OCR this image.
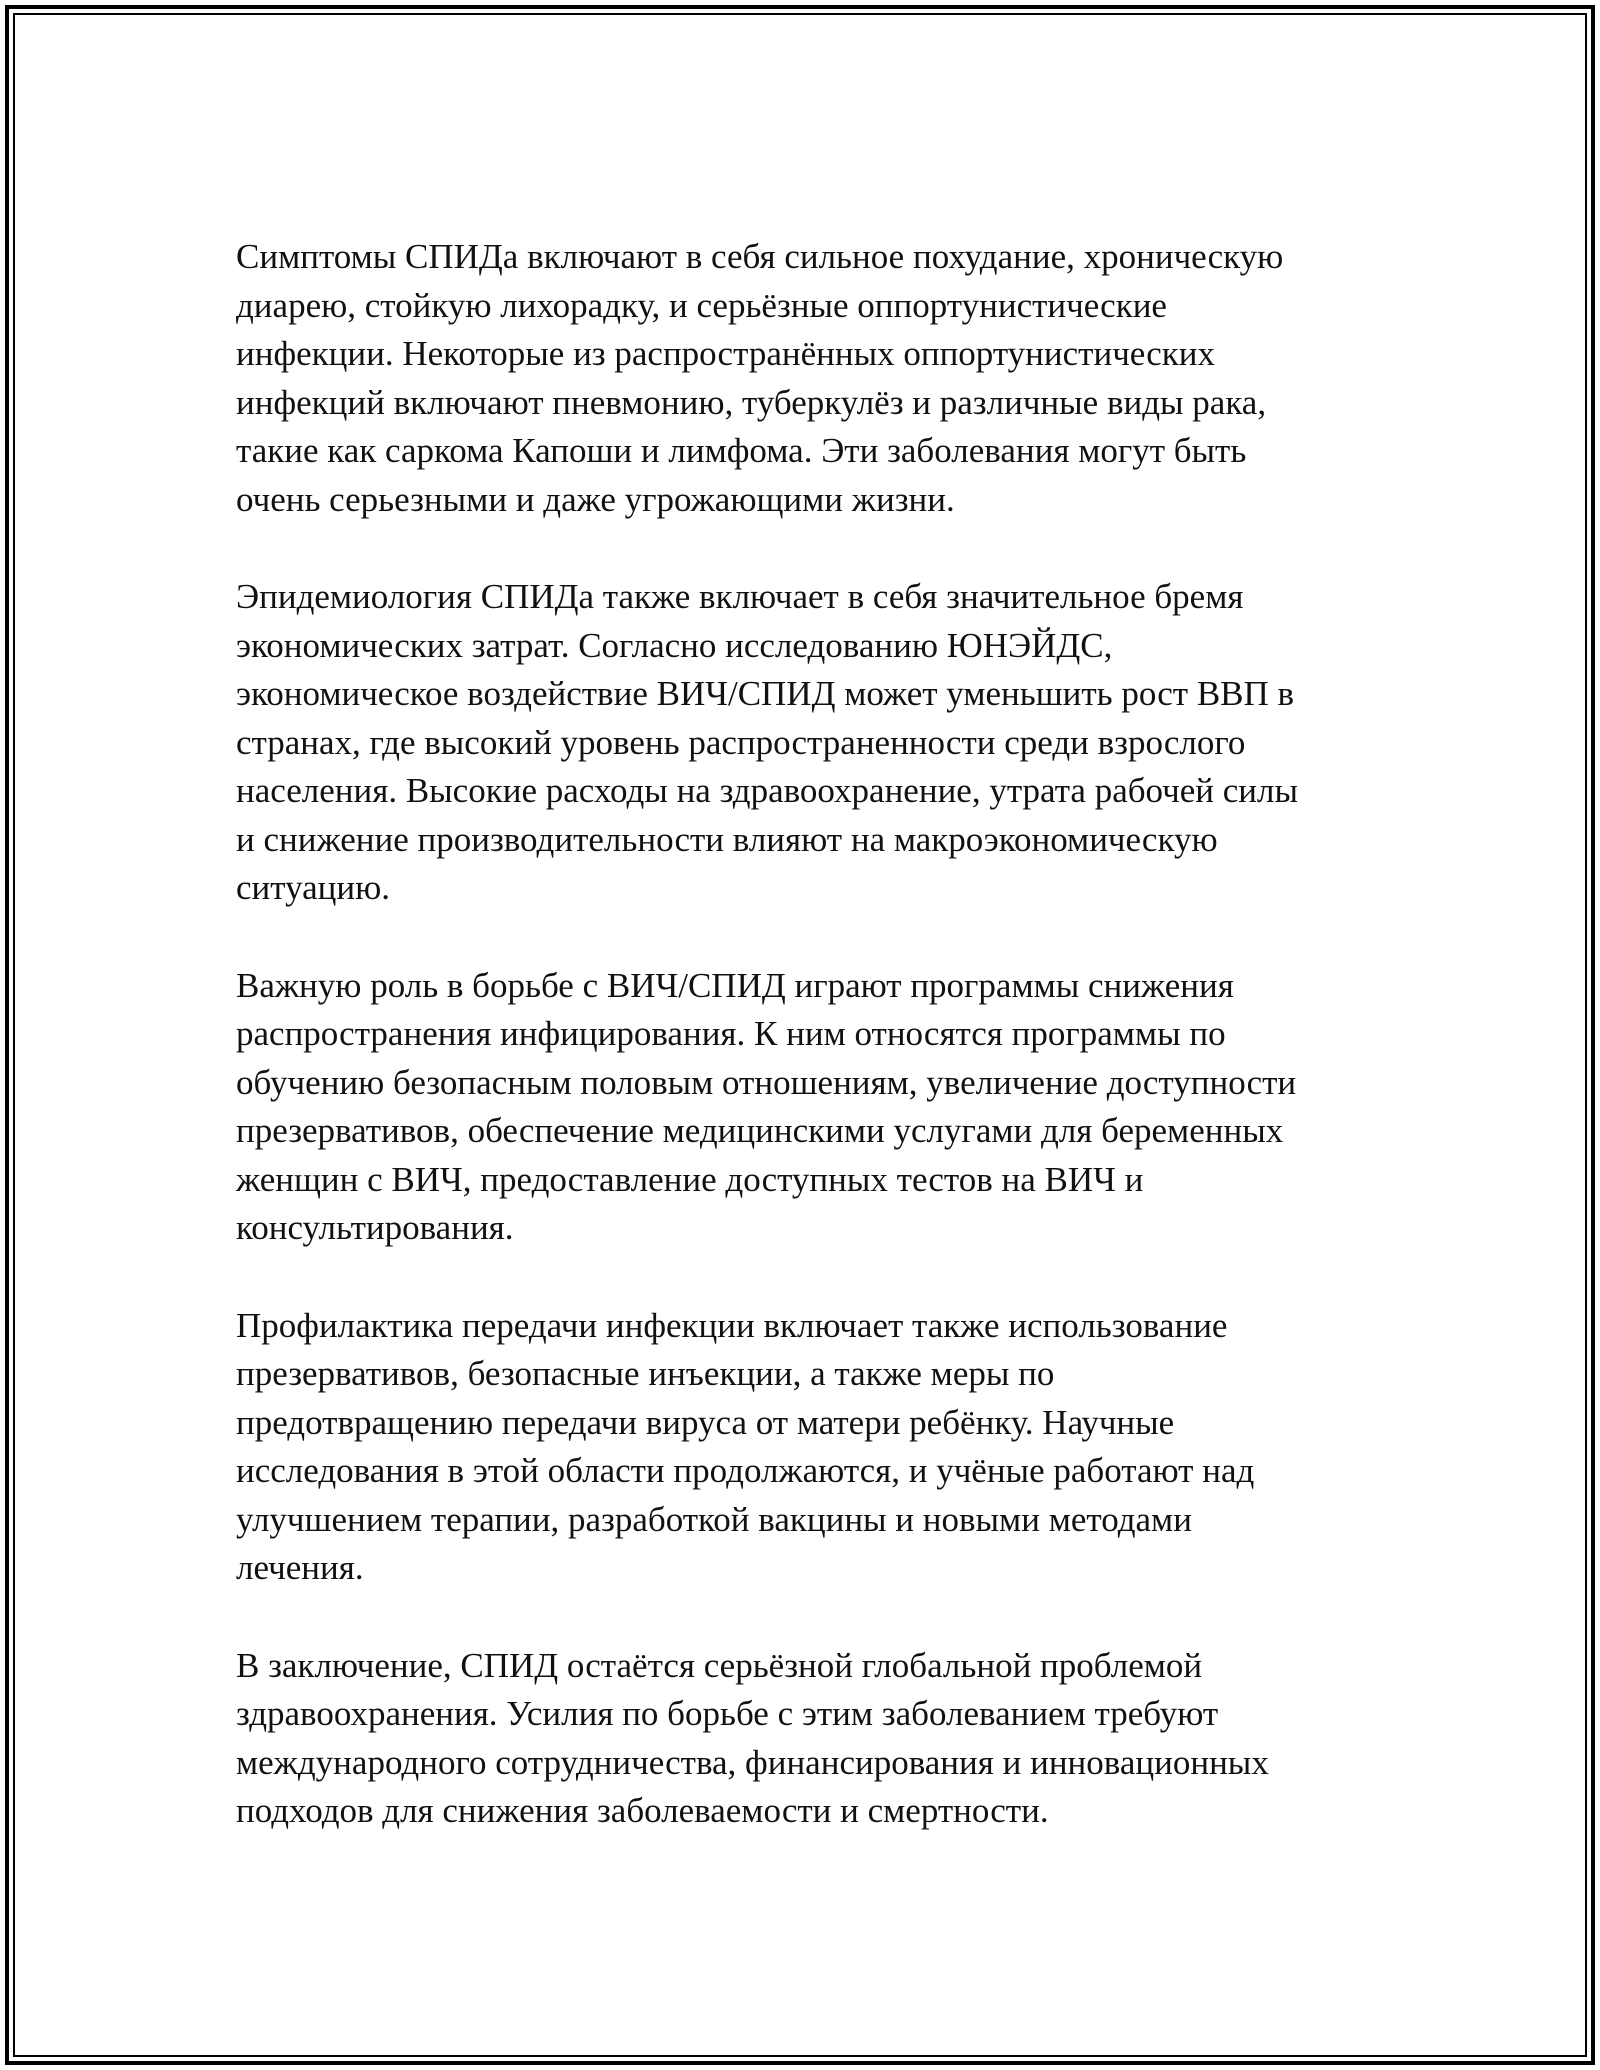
Симптомы СПИДа включают в себя сильное похудание, хроническую
диарею, стойкую лихорадку, и серьёзные оппортунистические
инфекции. Некоторые из распространённых оппортунистических
инфекций включают пневмонию, туберкулёз и различные виды рака,
такие как саркома Капоши и лимфома. Эти заболевания могут быть
очень серьезными и даже угрожающими жизни.

Эпидемиология СПИДа также включает в себя значительное бремя
экономических затрат. Согласно исследованию ЮНЭЙДС,
экономическое воздействие ВИЧ/СПИД может уменьшить рост ВВП в
странах, где высокий уровень распространенности среди взрослого
населения. Высокие расходы на здравоохранение, утрата рабочей силы
и снижение производительности влияют на макроэкономическую
ситуацию.

Важную роль в борьбе с ВИЧ/СПИД играют программы снижения
распространения инфицирования. К ним относятся программы по
обучению безопасным половым отношениям, увеличение доступности
презервативов, обеспечение медицинскими услугами для беременных
женщин с ВИЧ, предоставление доступных тестов на ВИЧ и
консультирования.

Профилактика передачи инфекции включает также использование
презервативов, безопасные инъекции, а также меры по
предотвращению передачи вируса от матери ребёнку. Научные
исследования в этой области продолжаются, и учёные работают над
улучшением терапии, разработкой вакцины и новыми методами
лечения.

В заключение, СПИД остаётся серьёзной глобальной проблемой
здравоохранения. Усилия по борьбе с этим заболеванием требуют
международного сотрудничества, финансирования и инновационных
подходов для снижения заболеваемости и смертности.
